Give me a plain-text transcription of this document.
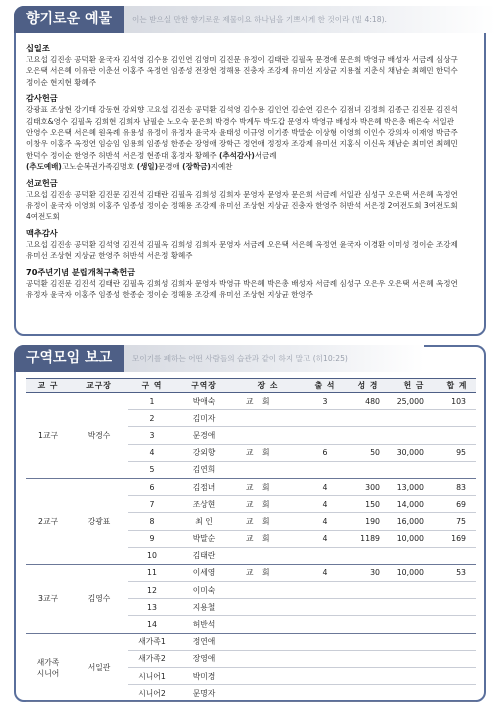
향기로운 예물	이는 받으실 만한 향기로운 제물이요 하나님을 기쁘시게 한 것이라 (빌 4:18).
십일조
고요섭 김진송 공덕환 윤국자 김석영 김수용 김인연 김영미 김진문 유정이 김태란 김필옥 문경애 문은희 박영규 배성자 서금례 심상구 오은택 서은혜 이유란 이춘선 이홍주 옥정연 임종성 전장현 정해용 진충자 조강제 유미선 지상균 지용철 지춘식 채남순 최혜민 한덕수 정이순 현지현 황혜주
감사헌금
강광표 조상현 강기태 강동현 강외향 고요섭 김진송 공덕환 김석영 김수용 김인연 김순연 김은수 김점녀 김정희 김종근 김진문 김진석 김태호&영수 김필옥 김희현 김희자 남필순 노오숙 문은희 박경수 박계두 박도갑 문영자 박영규 배성자 박은혜 박은총 배은숙 서일관 안영수 오은택 서은혜 원옥례 유용성 유정이 유정자 윤국자 윤태성 이규영 이기종 박말순 이상형 이영희 이인수 강의자 이재영 박금주 이창우 이홍주 옥정연 임승임 임용희 임종성 한종순 장영애 장학근 정연애 정정자 조강제 유미선 지홍식 이신옥 채남순 최미연 최혜민 한덕수 정이순 한영주 허반석 서은정 현종대 홍정자 황혜주 (추석감사)서금례
(추도예배)고노순복권가족김명호 (생일)문경애 (장학금)지예찬
선교헌금
고요섭 김진송 공덕환 김진문 김진석 김태란 김필옥 김희성 김희자 문영자 문영자 문은희 서금례 서일관 심성구 오은택 서은혜 옥정연 유정이 윤국자 이영희 이홍주 임종성 정이순 정해용 조강제 유미선 조상현 지상균 진충자 한영주 허반석 서은정 2여전도회 3여전도회 4여전도회
맥추감사
고요섭 김진송 공덕환 김석영 김진석 김필옥 김희성 김희자 문영자 서금례 오은택 서은혜 옥정연 윤국자 이경환 이미성 정이순 조강제 유미선 조상현 지상균 한영주 허반석 서은정 황혜주
70주년기념 분립개척구축헌금
공덕환 김진문 김진석 김태란 김필옥 김희성 김희자 문영자 박영규 박은혜 박은총 배성자 서금례 심성구 오은우 오은택 서은혜 옥정연 유정자 윤국자 이홍주 임종성 한종순 정이순 정해용 조강제 유미선 조상현 지상균 한영주
구역모임 보고	모이기를 폐하는 어떤 사람들의 습관과 같이 하지 말고 (히10:25)
교 구	교구장	구 역	구역장	장 소	출 석	성 경	헌 금	합 계
1교구	박경수	1	박애숙	교 회	3	480	25,000	103
		2	김미자					
		3	문경애					
		4	강외향	교 회	6	50	30,000	95
		5	김연희					
2교구	강광표	6	김점녀	교 회	4	300	13,000	83
		7	조상현	교 회	4	150	14,000	69
		8	최 인	교 회	4	190	16,000	75
		9	박말순	교 회	4	1189	10,000	169
		10	김태란					
3교구	김영수	11	이세영	교 회	4	30	10,000	53
		12	이미숙					
		13	지용철					
		14	허반석					
새가족
시니어	서일관	새가족1	정연애					
		새가족2	장영애					
		시니어1	박미경					
		시니어2	문명자					
